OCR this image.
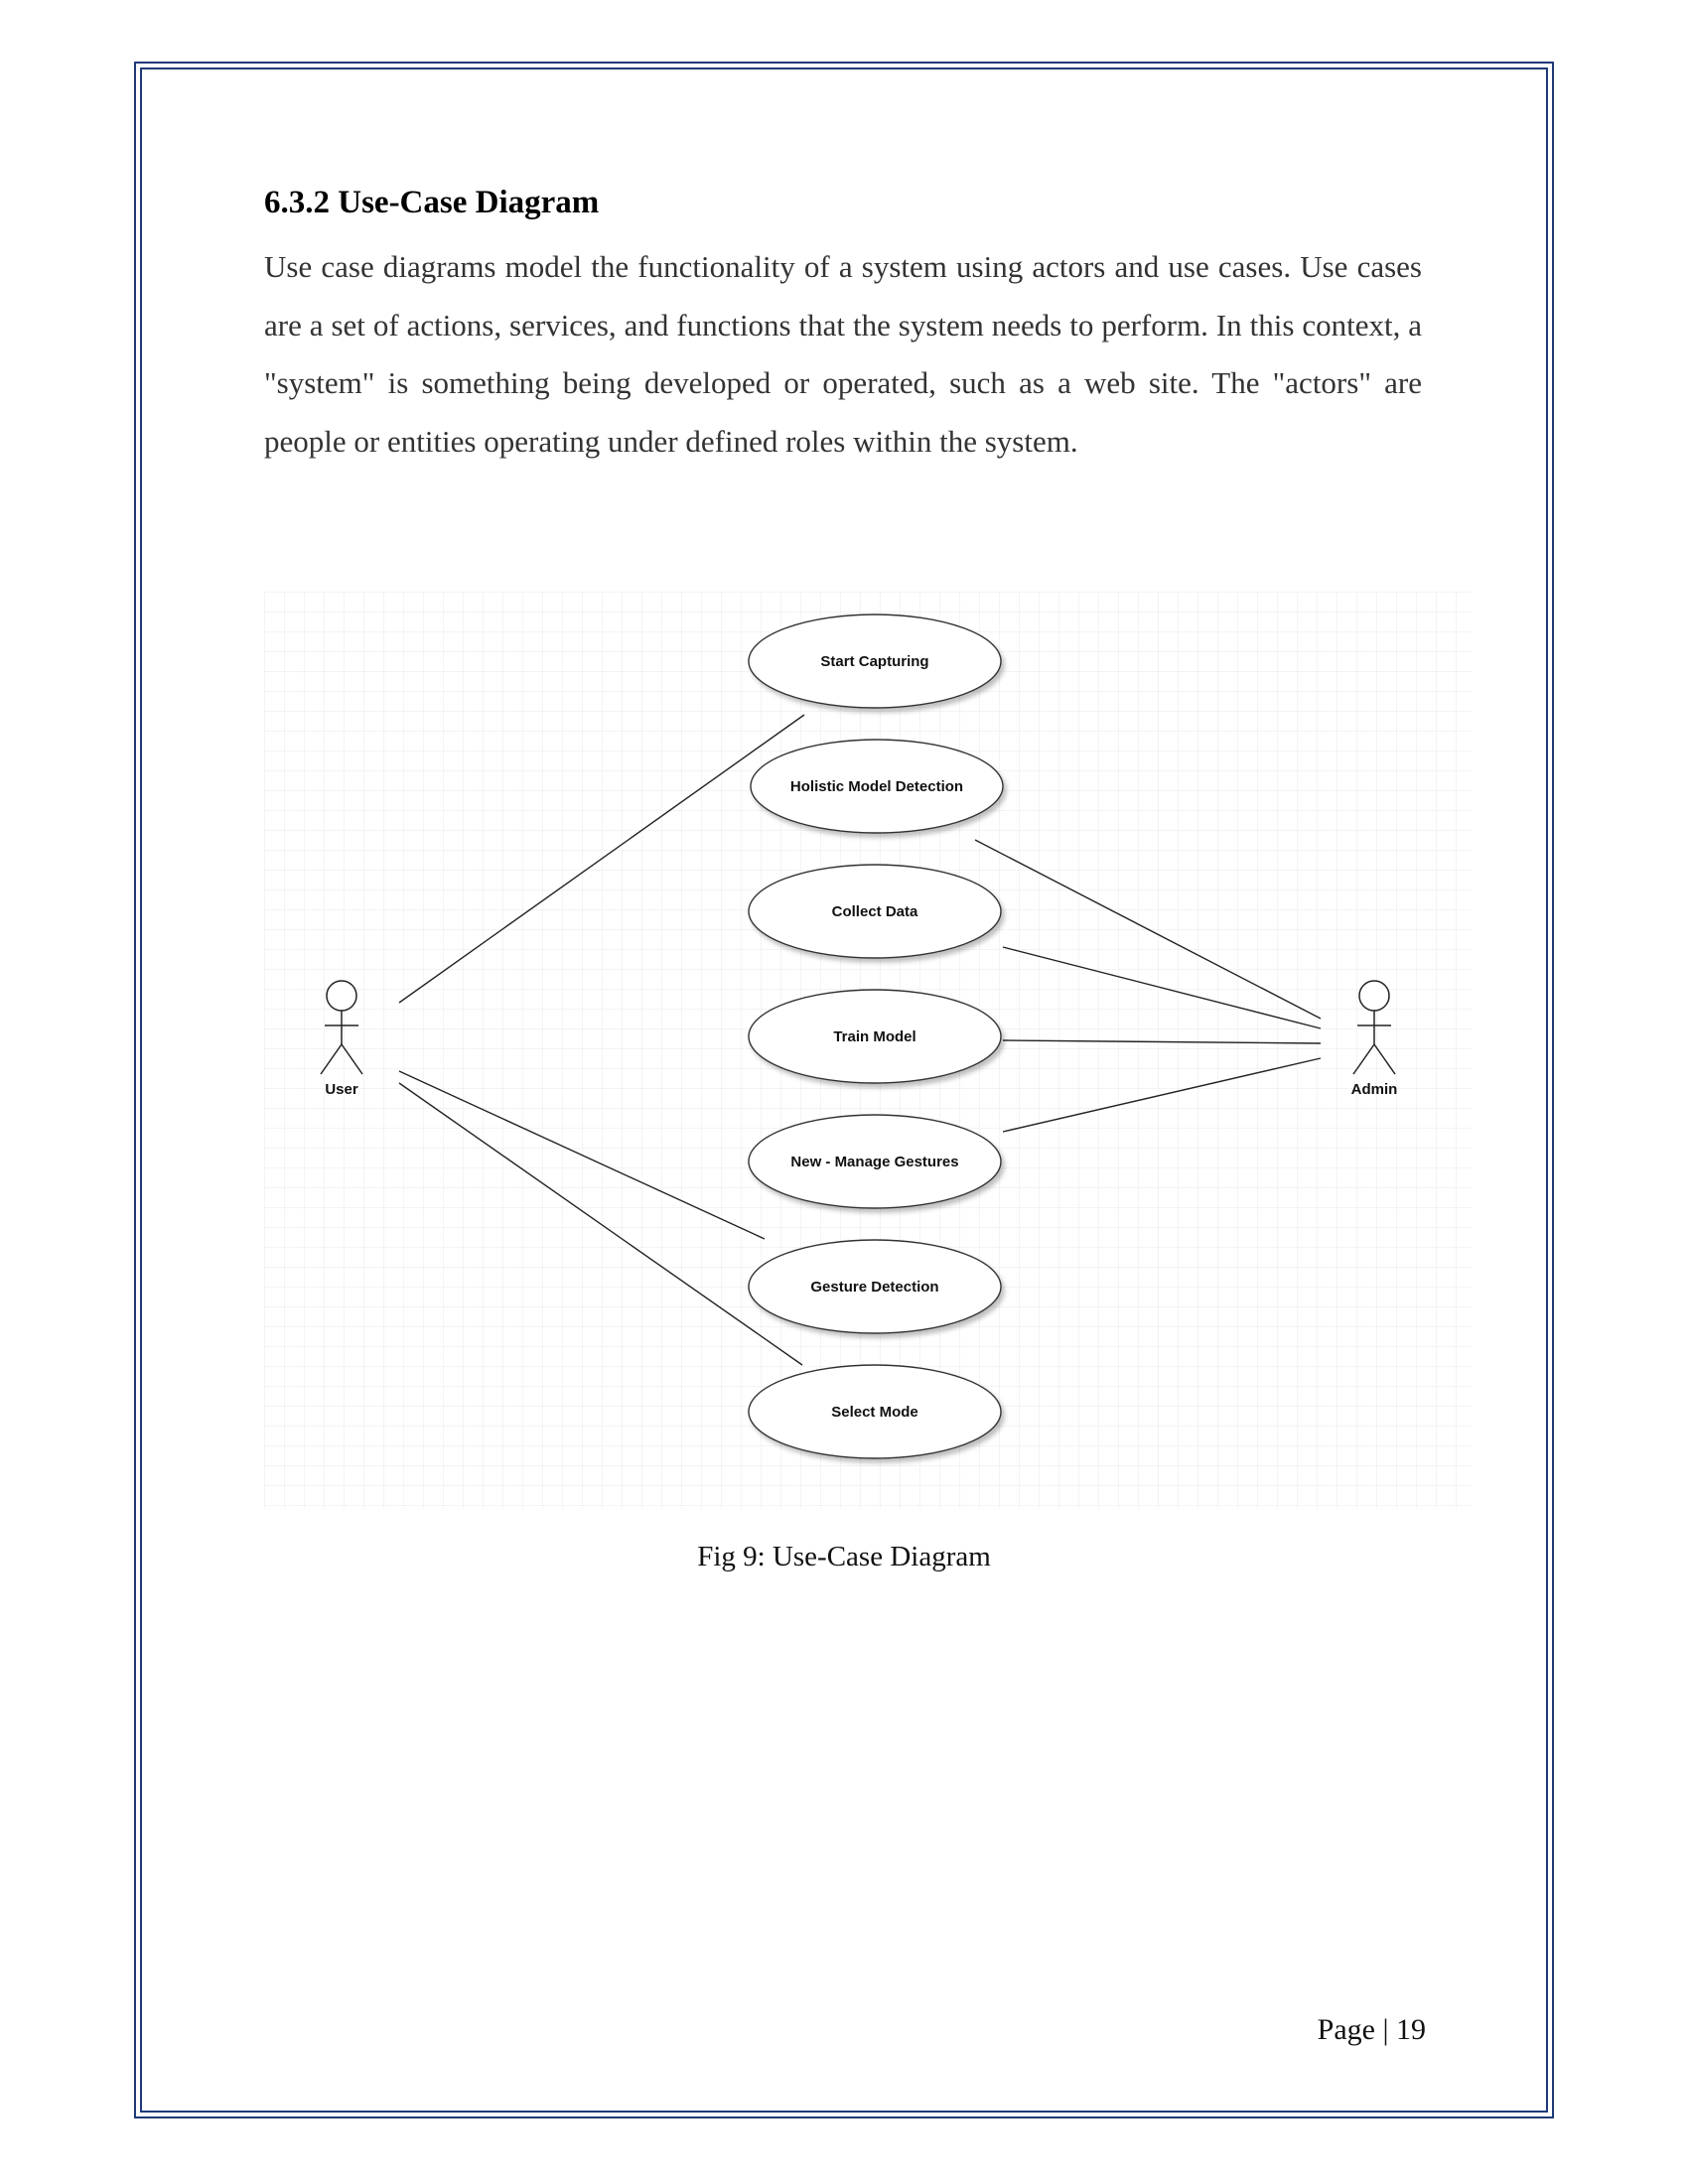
6.3.2 Use-Case Diagram

Use case diagrams model the functionality of a system using actors and use cases. Use cases are a set of actions, services, and functions that the system needs to perform. In this context, a "system" is something being developed or operated, such as a web site. The "actors" are people or entities operating under defined roles within the system.

Start Capturing
Holistic Model Detection
Collect Data
Train Model
New - Manage Gestures
Gesture Detection
Select Mode
User	Admin
Fig 9: Use-Case Diagram
Page | 19
